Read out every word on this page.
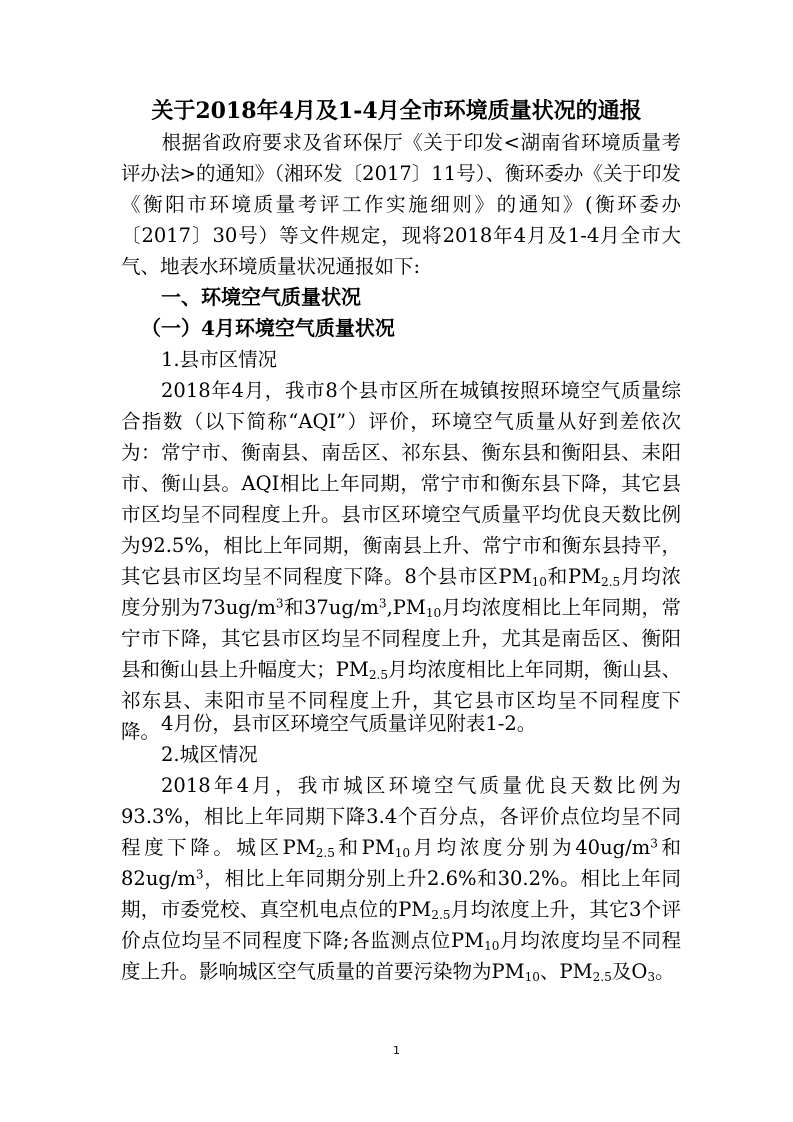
关于2018年4月及1-4月全市环境质量状况的通报
根据省政府要求及省环保厅《关于印发<湖南省环境质量考评办法>的通知》（湘环发〔2017〕11号）、衡环委办《关于印发《衡阳市环境质量考评工作实施细则》的通知》(衡环委办〔2017〕30号）等文件规定，现将2018年4月及1-4月全市大气、地表水环境质量状况通报如下:
一、环境空气质量状况
（一）4月环境空气质量状况
1.县市区情况
2018年4月，我市8个县市区所在城镇按照环境空气质量综合指数（以下简称“AQI”）评价，环境空气质量从好到差依次为：常宁市、衡南县、南岳区、祁东县、衡东县和衡阳县、耒阳市、衡山县。AQI相比上年同期，常宁市和衡东县下降，其它县市区均呈不同程度上升。县市区环境空气质量平均优良天数比例为92.5%，相比上年同期，衡南县上升、常宁市和衡东县持平，其它县市区均呈不同程度下降。8个县市区$PM_{10}$和$PM_{2.5}$月均浓度分别为$73ug/m^3$和$37ug/m^3,PM_{10}$月均浓度相比上年同期，常宁市下降，其它县市区均呈不同程度上升，尤其是南岳区、衡阳县和衡山县上升幅度大；$PM_{2.5}$月均浓度相比上年同期，衡山县、祁东县、耒阳市呈不同程度上升，其它县市区均呈不同程度下降。 4月份，县市区环境空气质量详见附表1-2。
2.城区情况
2018年4月，我市城区环境空气质量优良天数比例为93.3%，相比上年同期下降3.4个百分点，各评价点位均呈不同程度下降。城区$PM_{2.5}$和$PM_{10}$月均浓度分别为$40ug/m^3$和$82ug/m^3$，相比上年同期分别上升2.6%和30.2%。相比上年同期，市委党校、真空机电点位的$PM_{2.5}$月均浓度上升，其它3个评价点位均呈不同程度下降;各监测点位$PM_{10}$月均浓度均呈不同程度上升。影响城区空气质量的首要污染物为$PM_{10}$、$PM_{2.5}$及$O_3$。
1
